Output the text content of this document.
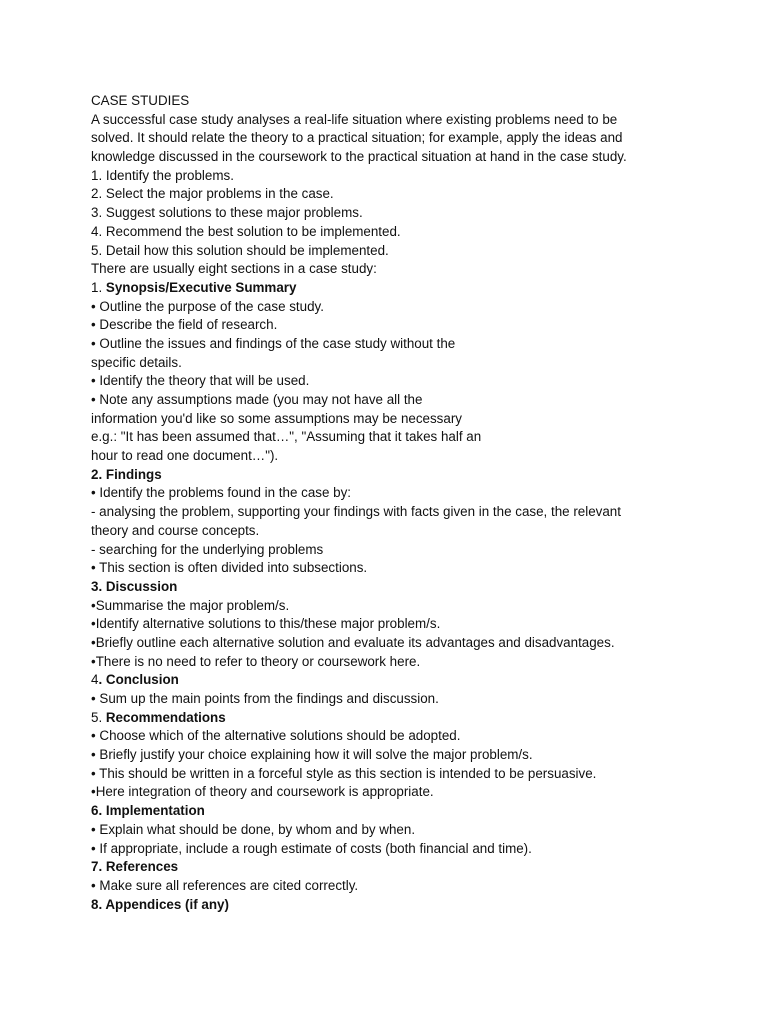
CASE STUDIES
A successful case study analyses a real-life situation where existing problems need to be
solved. It should relate the theory to a practical situation; for example, apply the ideas and
knowledge discussed in the coursework to the practical situation at hand in the case study.
1. Identify the problems.
2. Select the major problems in the case.
3. Suggest solutions to these major problems.
4. Recommend the best solution to be implemented.
5. Detail how this solution should be implemented.
There are usually eight sections in a case study:
1. Synopsis/Executive Summary
• Outline the purpose of the case study.
• Describe the field of research.
• Outline the issues and findings of the case study without the
specific details.
• Identify the theory that will be used.
• Note any assumptions made (you may not have all the
information you'd like so some assumptions may be necessary
e.g.: "It has been assumed that…", "Assuming that it takes half an
hour to read one document…").
2. Findings
• Identify the problems found in the case by:
- analysing the problem, supporting your findings with facts given in the case, the relevant
theory and course concepts.
- searching for the underlying problems
• This section is often divided into subsections.
3. Discussion
•Summarise the major problem/s.
•Identify alternative solutions to this/these major problem/s.
•Briefly outline each alternative solution and evaluate its advantages and disadvantages.
•There is no need to refer to theory or coursework here.
4. Conclusion
• Sum up the main points from the findings and discussion.
5. Recommendations
• Choose which of the alternative solutions should be adopted.
• Briefly justify your choice explaining how it will solve the major problem/s.
• This should be written in a forceful style as this section is intended to be persuasive.
•Here integration of theory and coursework is appropriate.
6. Implementation
• Explain what should be done, by whom and by when.
• If appropriate, include a rough estimate of costs (both financial and time).
7. References
• Make sure all references are cited correctly.
8. Appendices (if any)
